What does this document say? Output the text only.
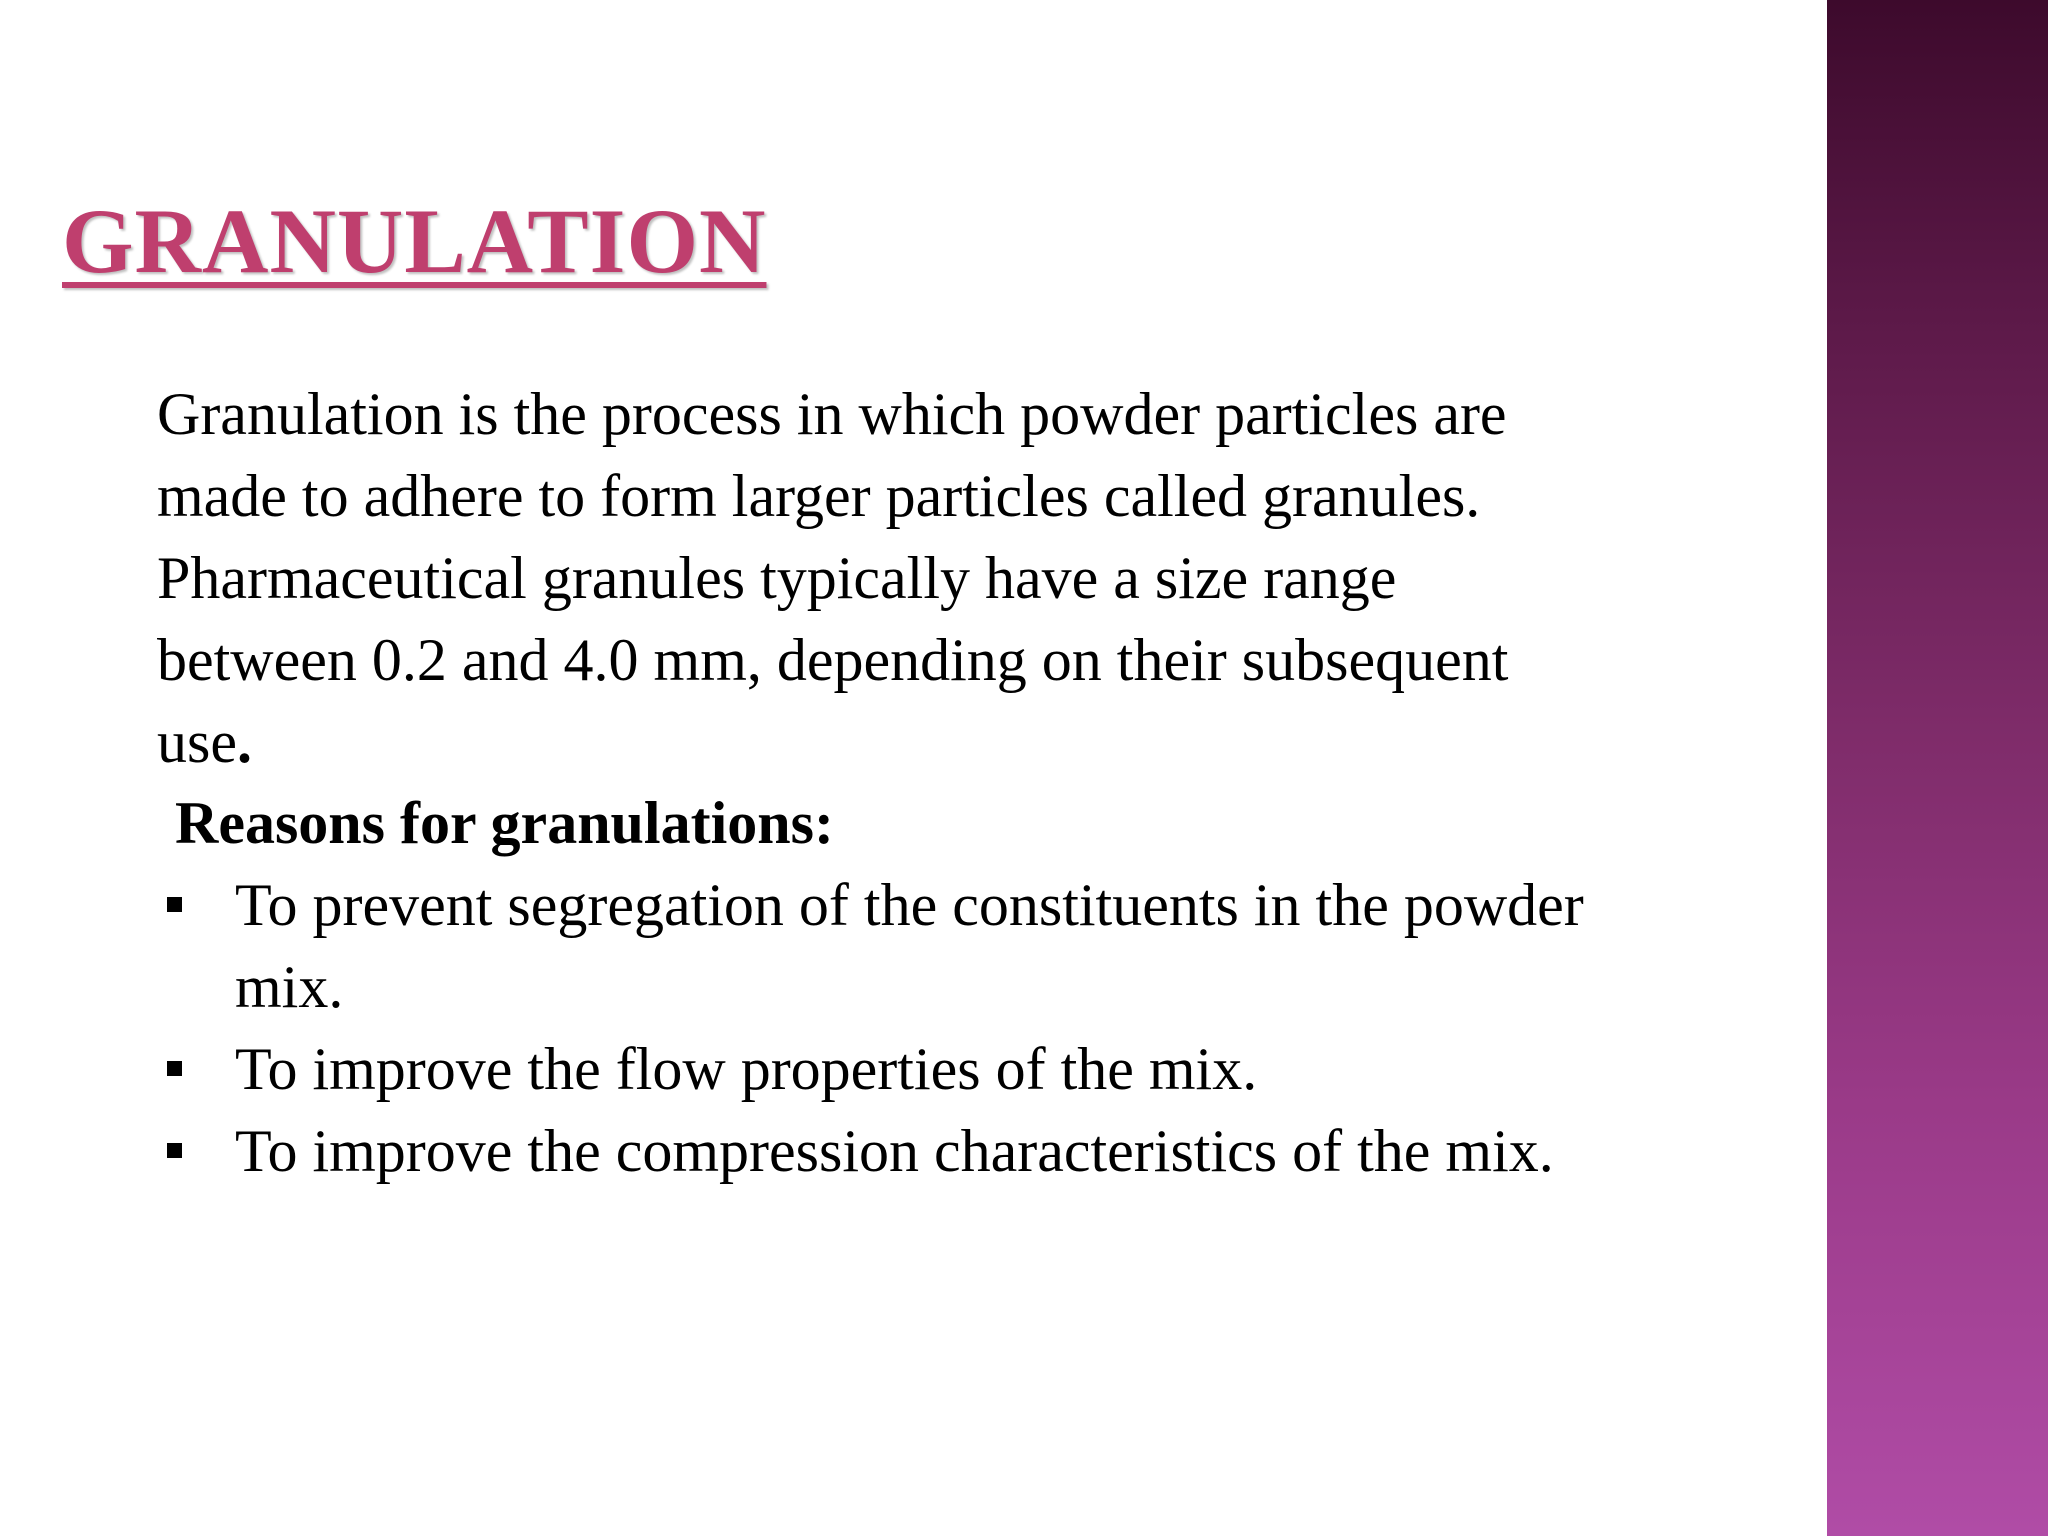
GRANULATION

Granulation is the process in which powder particles are
made to adhere to form larger particles called granules.
Pharmaceutical granules typically have a size range
between 0.2 and 4.0 mm, depending on their subsequent
use.

Reasons for granulations:
To prevent segregation of the constituents in the powder
mix.
To improve the flow properties of the mix.
To improve the compression characteristics of the mix.
